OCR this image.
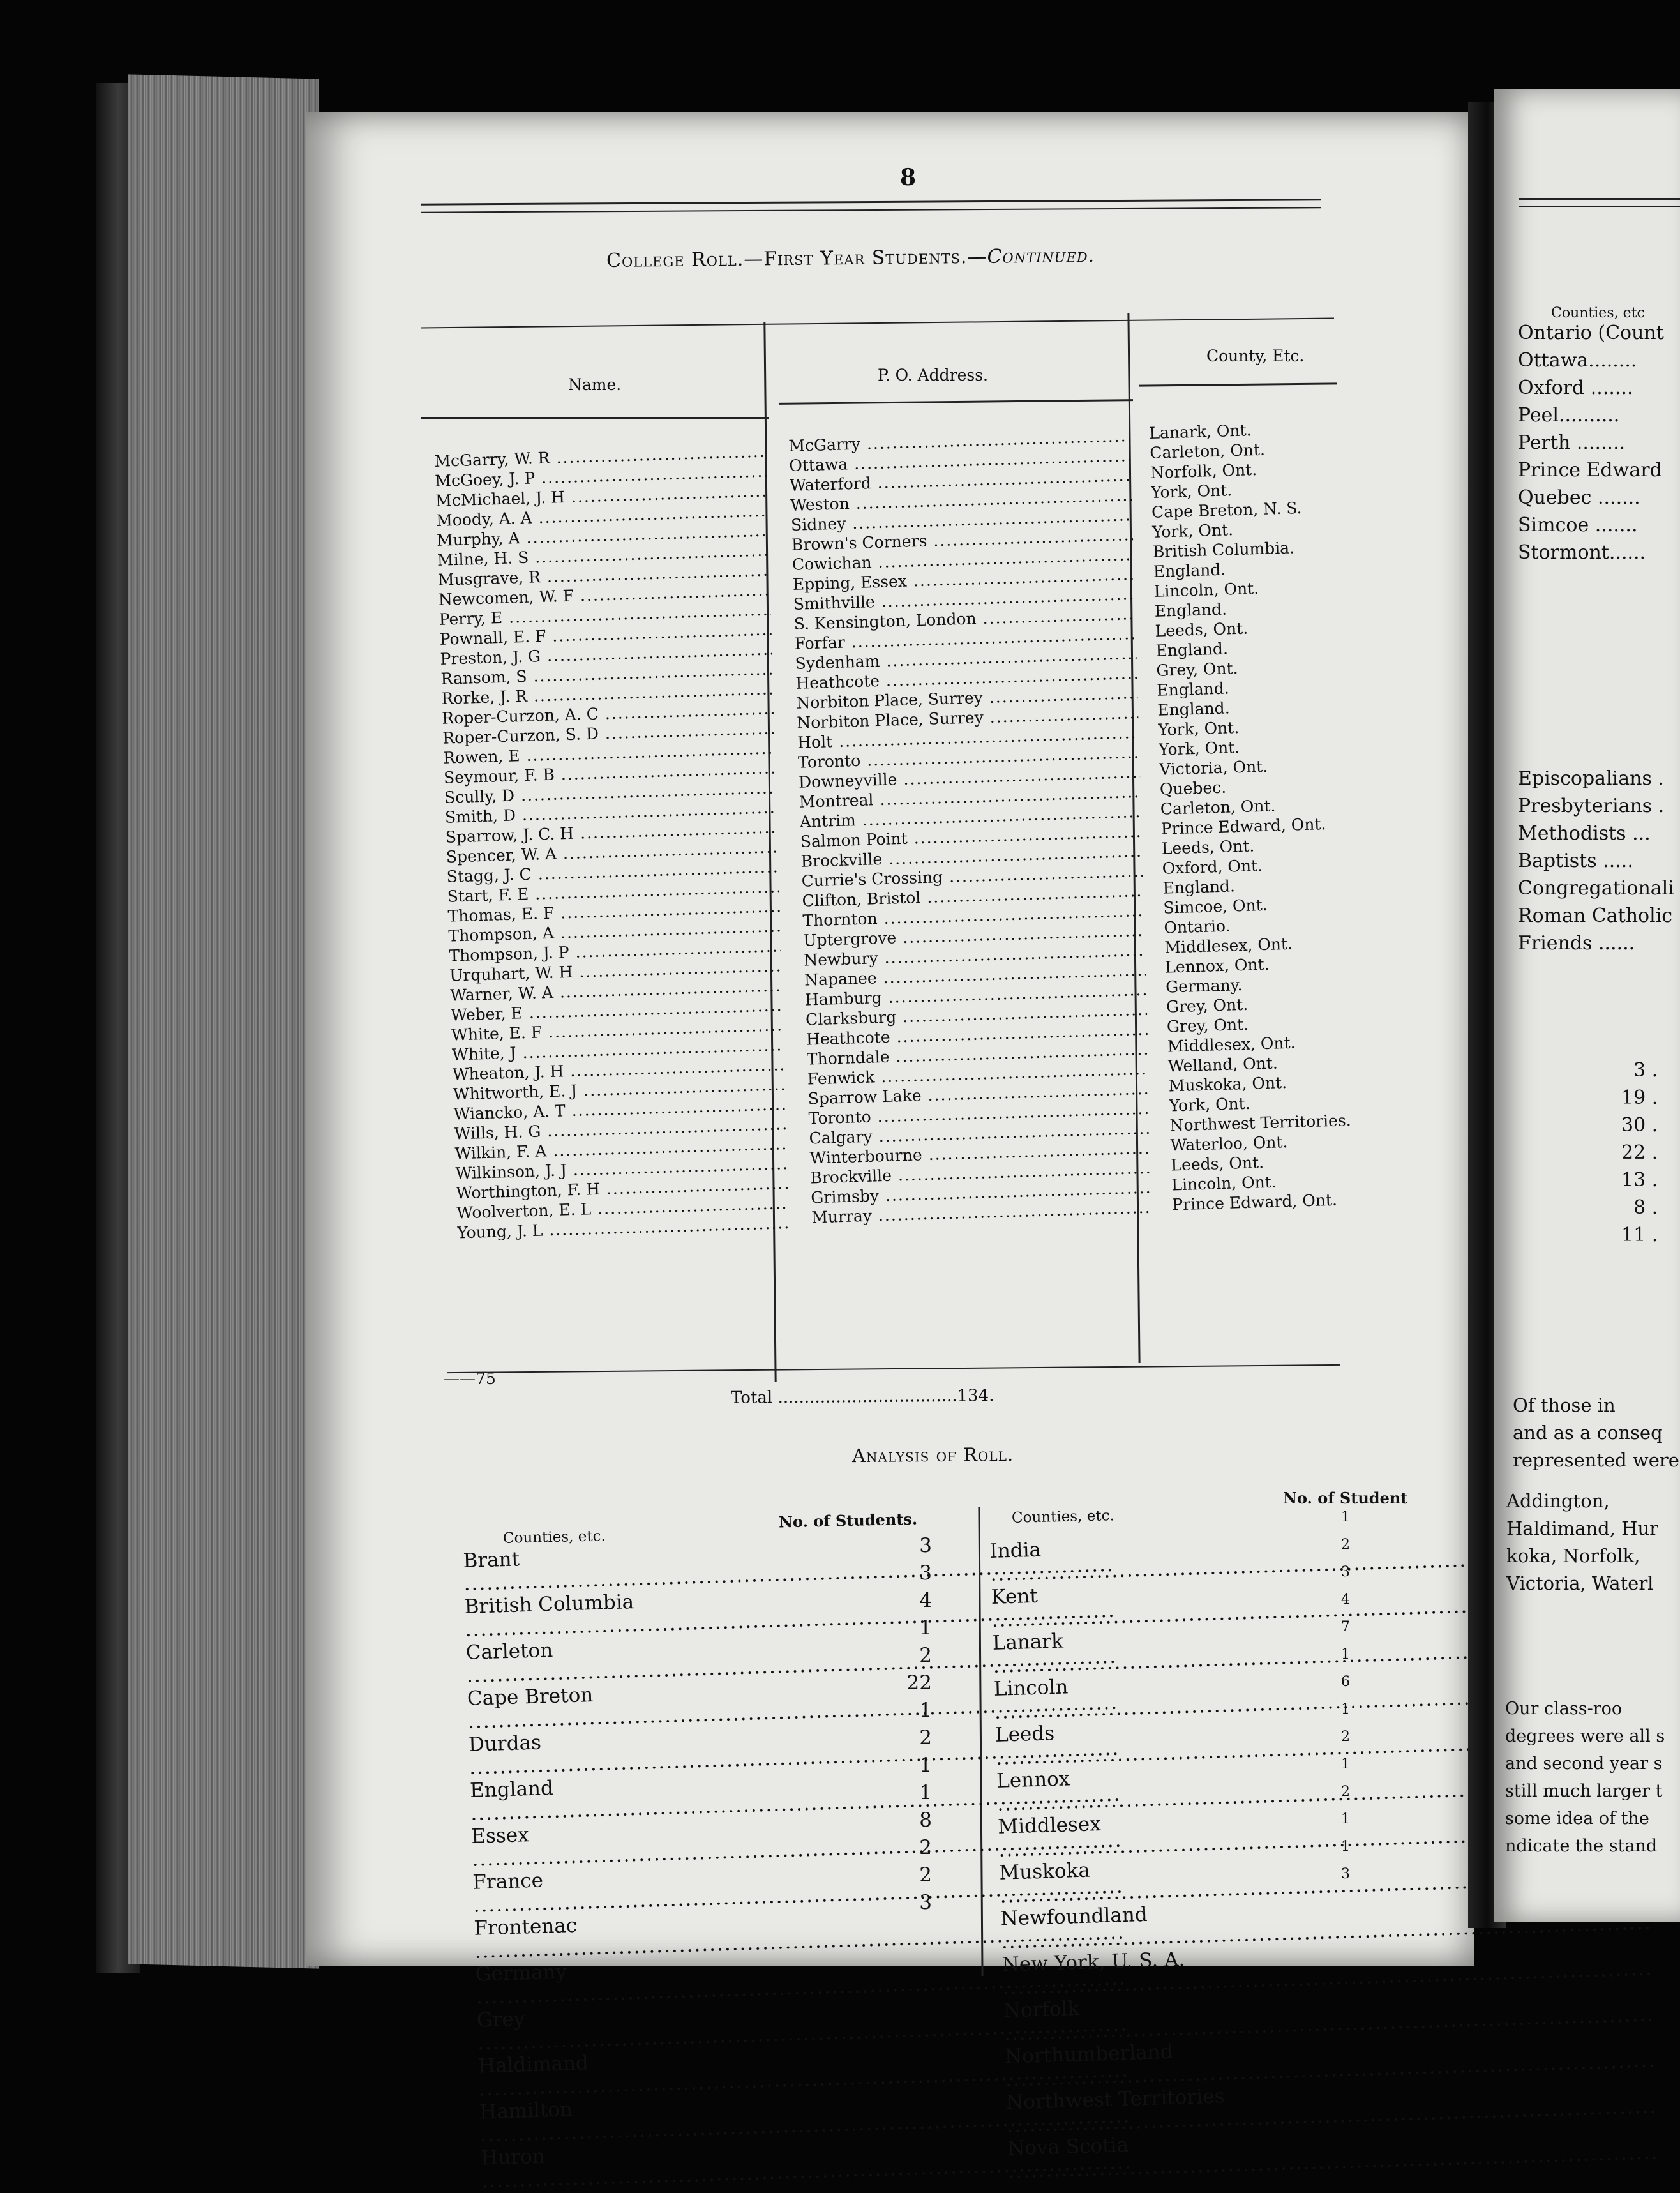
8
College Roll.—First Year Students.—Continued.
Name.
P. O. Address.
County, Etc.
McGarry, W. R .....
McGoey, J. P .....
McMichael, J. H .....
Moody, A. A .....
Murphy, A .....
Milne, H. S .....
Musgrave, R .....
Newcomen, W. F .....
Perry, E .....
Pownall, E. F .....
Preston, J. G .....
Ransom, S .....
Rorke, J. R .....
Roper-Curzon, A. C .....
Roper-Curzon, S. D .....
Rowen, E .....
Seymour, F. B .....
Scully, D .....
Smith, D .....
Sparrow, J. C. H .....
Spencer, W. A .....
Stagg, J. C .....
Start, F. E .....
Thomas, E. F .....
Thompson, A .....
Thompson, J. P .....
Urquhart, W. H .....
Warner, W. A .....
Weber, E .....
White, E. F .....
White, J .....
Wheaton, J. H .....
Whitworth, E. J .....
Wiancko, A. T .....
Wills, H. G .....
Wilkin, F. A .....
Wilkinson, J. J .....
Worthington, F. H .....
Woolverton, E. L .....
Young, J. L .....
McGarry .....
Ottawa .....
Waterford .....
Weston .....
Sidney .....
Brown's Corners .....
Cowichan .....
Epping, Essex .....
Smithville .....
S. Kensington, London .....
Forfar .....
Sydenham .....
Heathcote .....
Norbiton Place, Surrey .....
Norbiton Place, Surrey .....
Holt .....
Toronto .....
Downeyville .....
Montreal .....
Antrim .....
Salmon Point .....
Brockville .....
Currie's Crossing .....
Clifton, Bristol .....
Thornton .....
Uptergrove .....
Newbury .....
Napanee .....
Hamburg .....
Clarksburg .....
Heathcote .....
Thorndale .....
Fenwick .....
Sparrow Lake .....
Toronto .....
Calgary .....
Winterbourne .....
Brockville .....
Grimsby .....
Murray .....
Lanark, Ont.
Carleton, Ont.
Norfolk, Ont.
York, Ont.
Cape Breton, N. S.
York, Ont.
British Columbia.
England.
Lincoln, Ont.
England.
Leeds, Ont.
England.
Grey, Ont.
England.
England.
York, Ont.
York, Ont.
Victoria, Ont.
Quebec.
Carleton, Ont.
Prince Edward, Ont.
Leeds, Ont.
Oxford, Ont.
England.
Simcoe, Ont.
Ontario.
Middlesex, Ont.
Lennox, Ont.
Germany.
Grey, Ont.
Grey, Ont.
Middlesex, Ont.
Welland, Ont.
Muskoka, Ont.
York, Ont.
Northwest Territories.
Waterloo, Ont.
Leeds, Ont.
Lincoln, Ont.
Prince Edward, Ont.
——75
Total ..................................134.
Analysis of Roll.
Counties, etc.
No. of Students.	Counties, etc.
No. of Student
Brant .....
British Columbia .....
Carleton .....
Cape Breton .....
Durdas .....
England .....
Essex .....
France .....
Frontenac .....
Germany .....
Grey .....
Haldimand .....
Hamilton .....
Huron .....
3
3
4
1
2
22
1
2
1
1
8
2
2
3
India .....
Kent .....
Lanark .....
Lincoln .....
Leeds .....
Lennox .....
Middlesex .....
Muskoka .....
Newfoundland .....
New York, U. S. A. .....
Norfolk .....
Northumberland .....
Northwest Territories .....
Nova Scotia .....
1
2
3
4
7
1
6
1
2
1
2
1
1
3
Counties, etc
Ontario (Count
Ottawa........
Oxford .......
Peel..........
Perth ........
Prince Edward
Quebec .......
Simcoe .......
Stormont......
Episcopalians .
Presbyterians .
Methodists ...
Baptists .....
Congregationali
Roman Catholic
Friends ......
3 .
19 .
30 .
22 .
13 .
8 .
11 .
Of those in
and as a conseq
represented were
Addington,
Haldimand, Hur
koka, Norfolk,
Victoria, Waterl
Our class-roo
degrees were all s
and second year s
still much larger t
some idea of the
ndicate the stand
